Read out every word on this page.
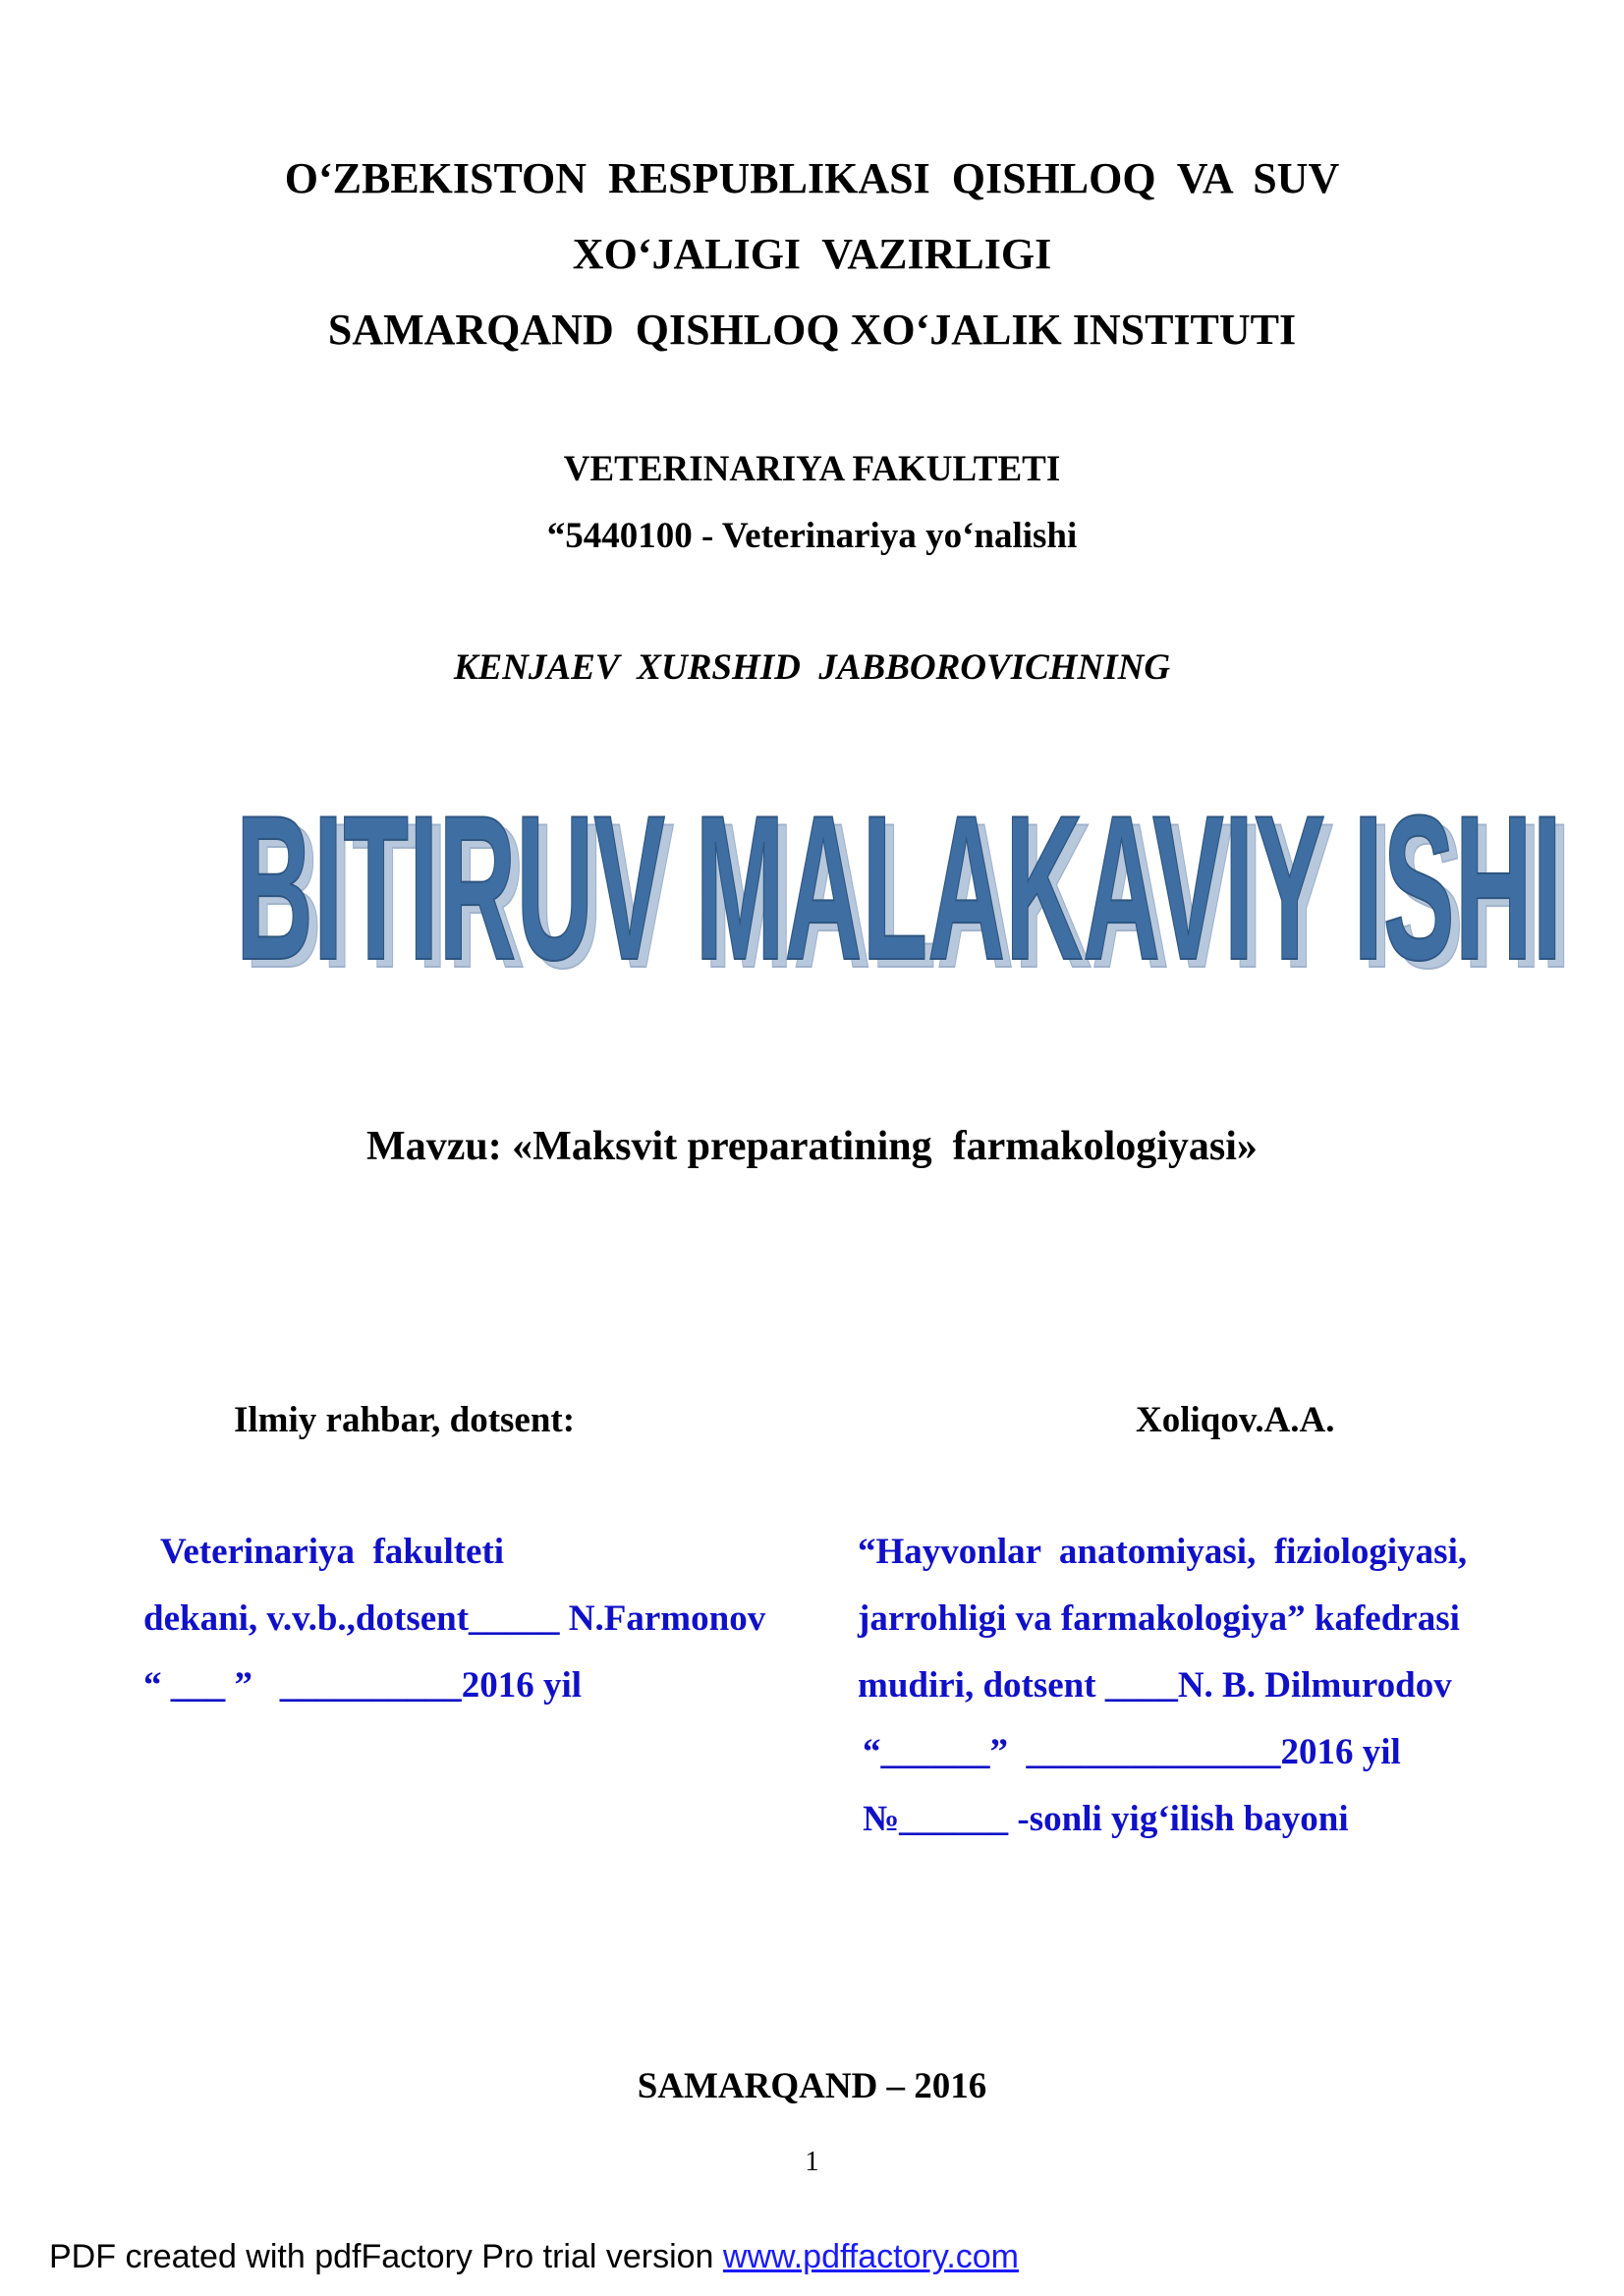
O‘ZBEKISTON  RESPUBLIKASI  QISHLOQ  VA  SUV
XO‘JALIGI  VAZIRLIGI
SAMARQAND  QISHLOQ XO‘JALIK INSTITUTI
VETERINARIYA FAKULTETI
“5440100 - Veterinariya yo‘nalishi
KENJAEV  XURSHID  JABBOROVICHNING
BITIRUV MALAKAVIY ISHI
BITIRUV MALAKAVIY ISHI
Mavzu: «Maksvit preparatining  farmakologiyasi»
Ilmiy rahbar, dotsent:	Xoliqov.A.A.
Veterinariya  fakulteti
dekani, v.v.b.,dotsent_____ N.Farmonov
“ ___ ”   __________2016 yil
“Hayvonlar  anatomiyasi,  fiziologiyasi,
jarrohligi va farmakologiya” kafedrasi
mudiri, dotsent ____N. B. Dilmurodov
“______”  ______________2016 yil
№______ -sonli yig‘ilish bayoni
SAMARQAND – 2016
1
PDF created with pdfFactory Pro trial version www.pdffactory.com
